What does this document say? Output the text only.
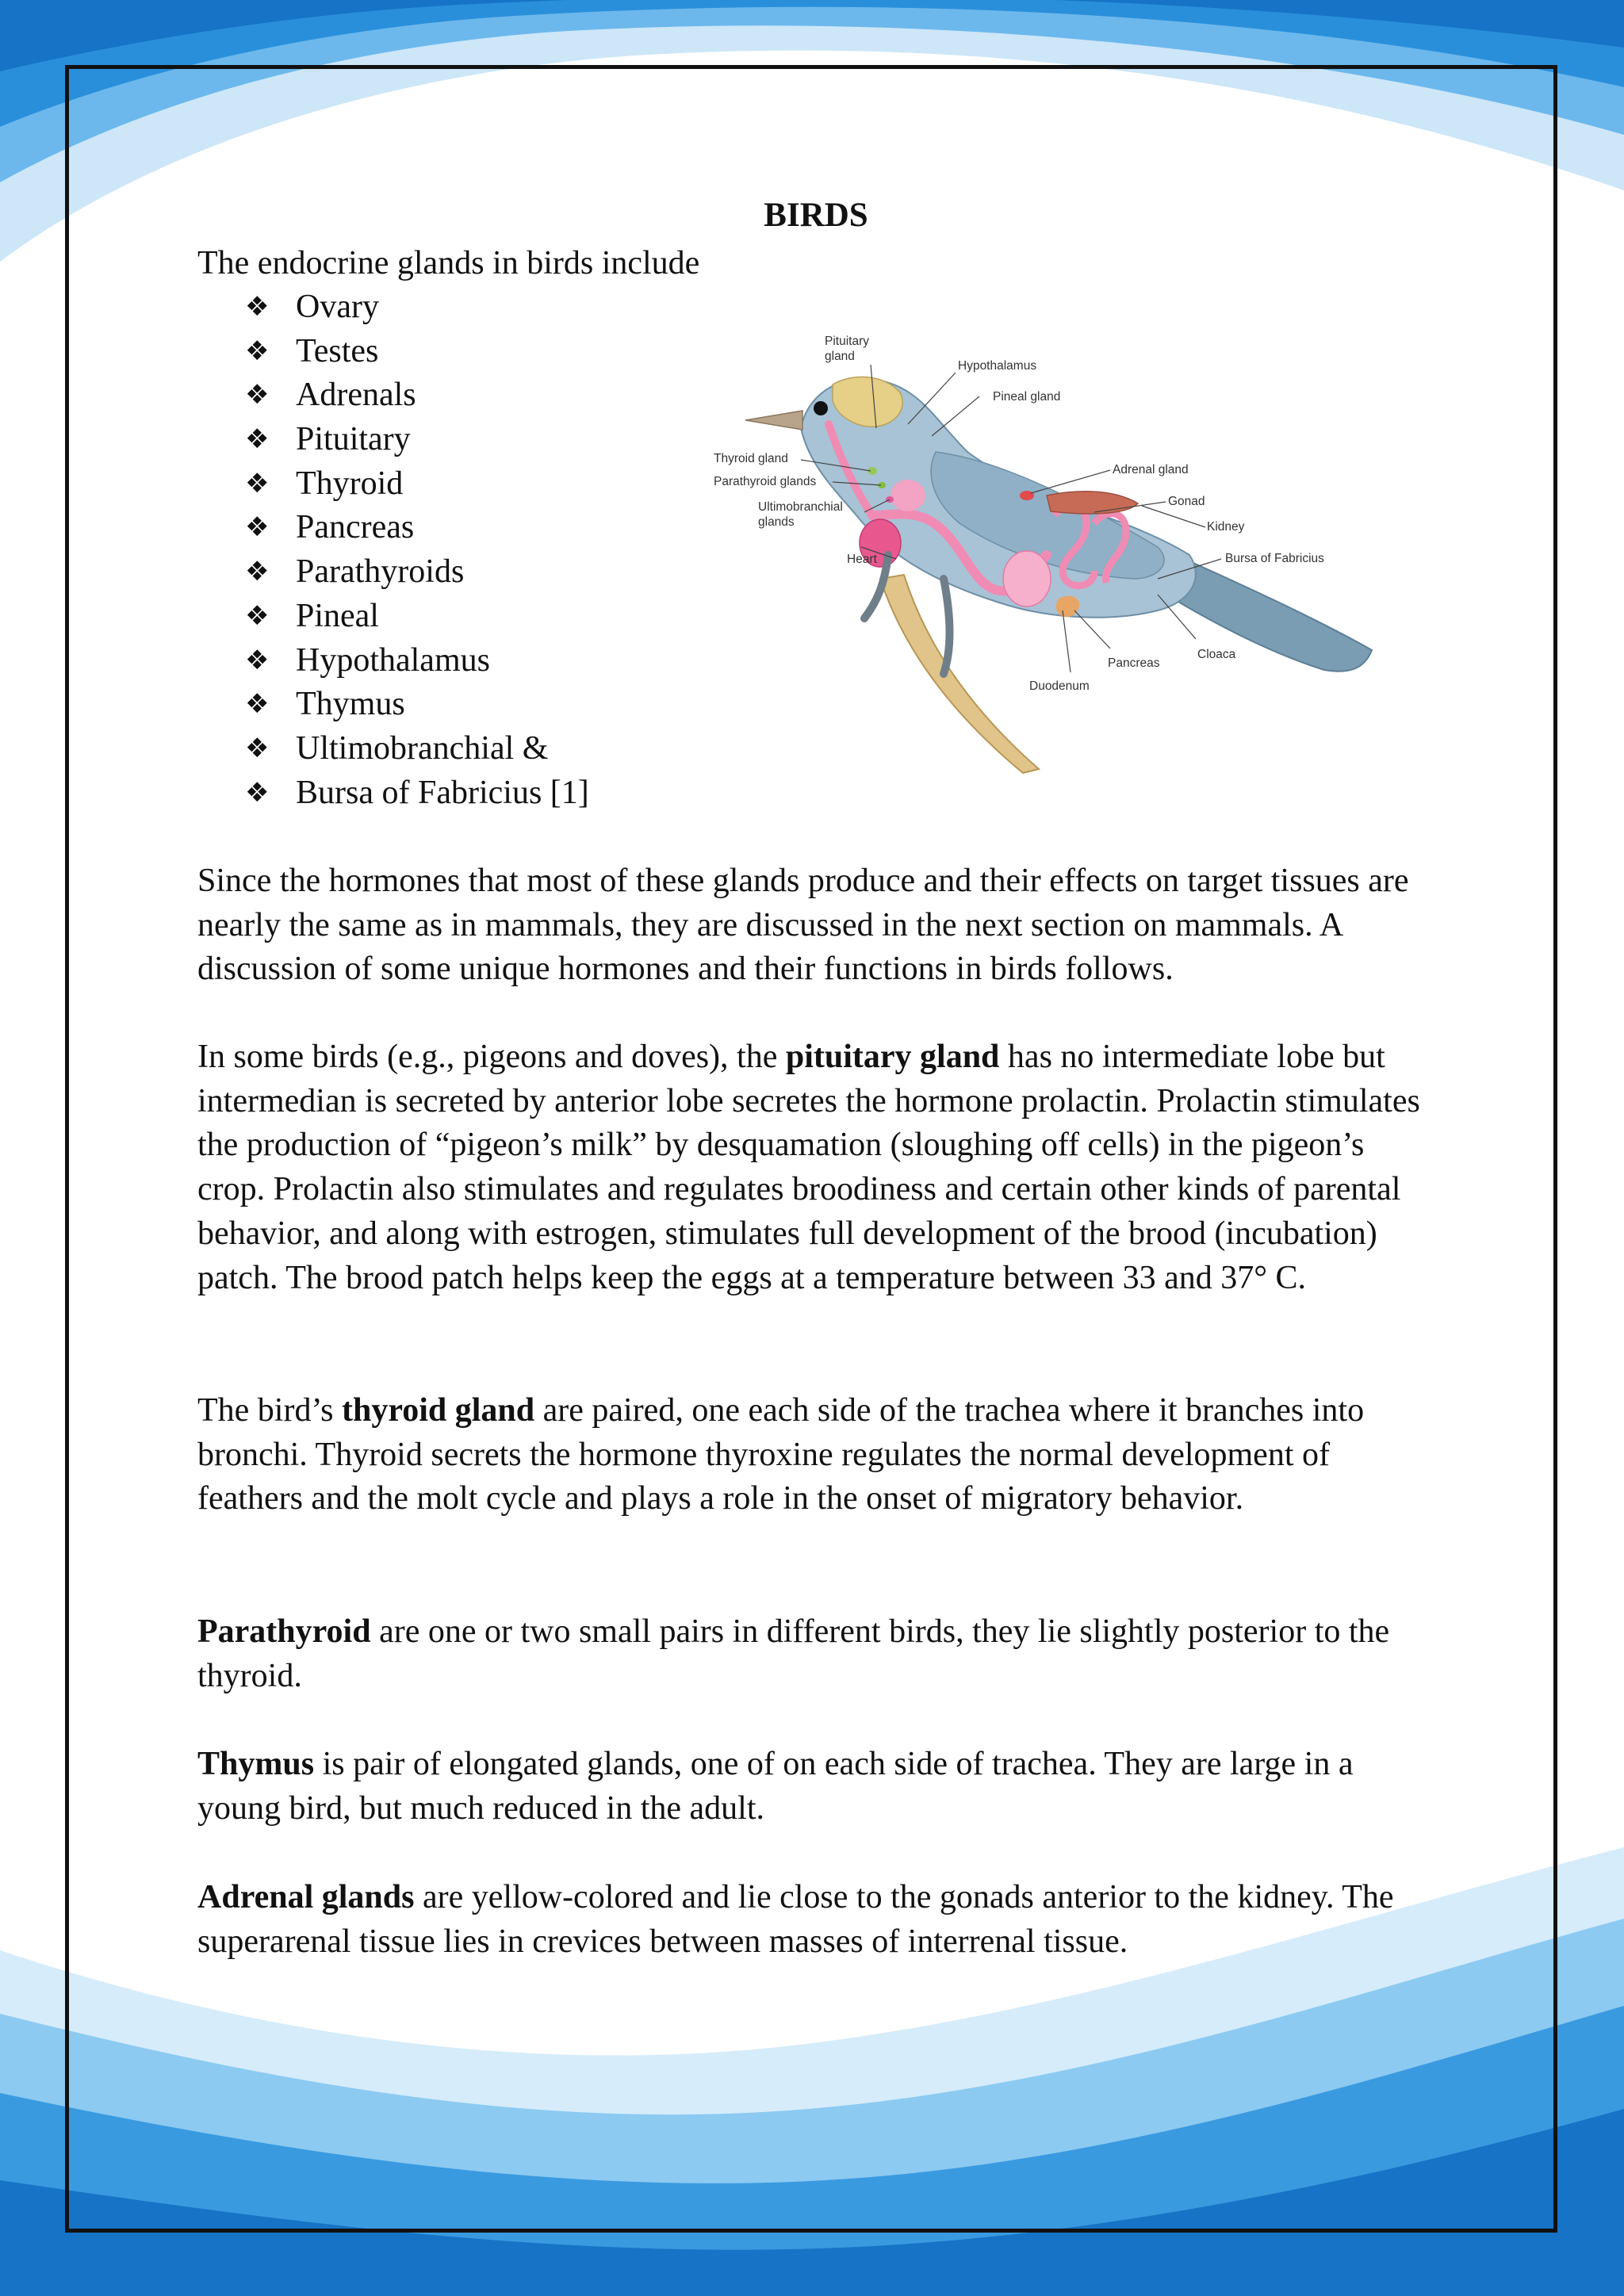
BIRDS

The endocrine glands in birds include

❖ Ovary
❖ Testes
❖ Adrenals
❖ Pituitary
❖ Thyroid
❖ Pancreas
❖ Parathyroids
❖ Pineal
❖ Hypothalamus
❖ Thymus
❖ Ultimobranchial &
❖ Bursa of Fabricius [1]

Since the hormones that most of these glands produce and their effects on target tissues are nearly the same as in mammals, they are discussed in the next section on mammals. A discussion of some unique hormones and their functions in birds follows.

In some birds (e.g., pigeons and doves), the pituitary gland has no intermediate lobe but intermedian is secreted by anterior lobe secretes the hormone prolactin. Prolactin stimulates the production of “pigeon’s milk” by desquamation (sloughing off cells) in the pigeon’s crop. Prolactin also stimulates and regulates broodiness and certain other kinds of parental behavior, and along with estrogen, stimulates full development of the brood (incubation) patch. The brood patch helps keep the eggs at a temperature between 33 and 37° C.

The bird’s thyroid gland are paired, one each side of the trachea where it branches into bronchi. Thyroid secrets the hormone thyroxine regulates the normal development of feathers and the molt cycle and plays a role in the onset of migratory behavior.

Parathyroid are one or two small pairs in different birds, they lie slightly posterior to the thyroid.

Thymus is pair of elongated glands, one of on each side of trachea. They are large in a young bird, but much reduced in the adult.

Adrenal glands are yellow-colored and lie close to the gonads anterior to the kidney. The superarenal tissue lies in crevices between masses of interrenal tissue.

Pituitary
gland
Hypothalamus
Pineal gland
Thyroid gland
Parathyroid glands
Ultimobranchial
glands
Heart
Adrenal gland
Gonad
Kidney
Bursa of Fabricius
Cloaca
Pancreas
Duodenum
